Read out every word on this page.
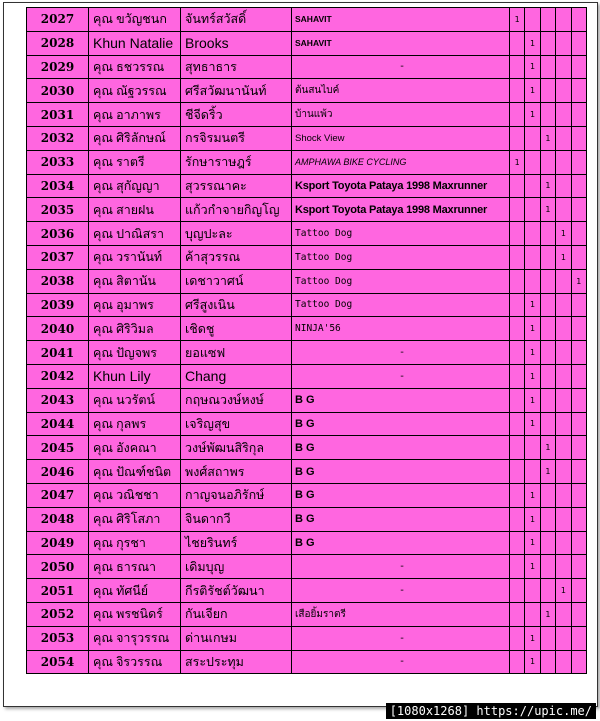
2027	คุณ ขวัญชนก	จันทร์สวัสดิ์	SAHAVIT	1				
2028	Khun Natalie	Brooks	SAHAVIT		1			
2029	คุณ ธชวรรณ	สุทธาธาร	-		1			
2030	คุณ ณัฐวรรณ	ศรีสวัฒนานันท์	ต้นสนไบค์		1			
2031	คุณ อาภาพร	ชีจีดริ้ว	บ้านแพ้ว		1			
2032	คุณ ศิริลักษณ์	กรจิรมนตรี	Shock View			1		
2033	คุณ ราตรี	รักษาราษฎร์	AMPHAWA BIKE CYCLING	1				
2034	คุณ สุกัญญา	สุวรรณาคะ	Ksport Toyota Pataya 1998 Maxrunner			1		
2035	คุณ สายฝน	แก้วกำจายกิญโญ	Ksport Toyota Pataya 1998 Maxrunner			1		
2036	คุณ ปาณิสรา	บุญปะละ	Tattoo Dog				1	
2037	คุณ วรานันท์	ค้าสุวรรณ	Tattoo Dog				1	
2038	คุณ สิตานัน	เดชาวาศน์	Tattoo Dog					1
2039	คุณ อุมาพร	ศรีสูงเนิน	Tattoo Dog		1			
2040	คุณ ศิริวิมล	เชิดชู	NINJA'56		1			
2041	คุณ ปัญจพร	ยอแซฟ	-		1			
2042	Khun Lily	Chang	-		1			
2043	คุณ นวรัตน์	กฤษณวงษ์หงษ์	B G		1			
2044	คุณ กุลพร	เจริญสุข	B G		1			
2045	คุณ อังคณา	วงษ์พัฒนสิริกุล	B G			1		
2046	คุณ ปัณฑ์ชนิต	พงศ์สถาพร	B G			1		
2047	คุณ วณิชชา	กาญจนอภิรักษ์	B G		1			
2048	คุณ ศิริโสภา	จินดากวี	B G		1			
2049	คุณ กุรชา	ไชยรินทร์	B G		1			
2050	คุณ ธารณา	เดิมบุญ	-		1			
2051	คุณ ทัศนีย์	กีรติรัชต์วัฒนา	-				1	
2052	คุณ พรชนิดร์	กันเจียก	เสือยิ้มราตรี			1		
2053	คุณ จารุวรรณ	ด่านเกษม	-		1			
2054	คุณ จิรวรรณ	สระประทุม	-		1			
[1080x1268] https://upic.me/
